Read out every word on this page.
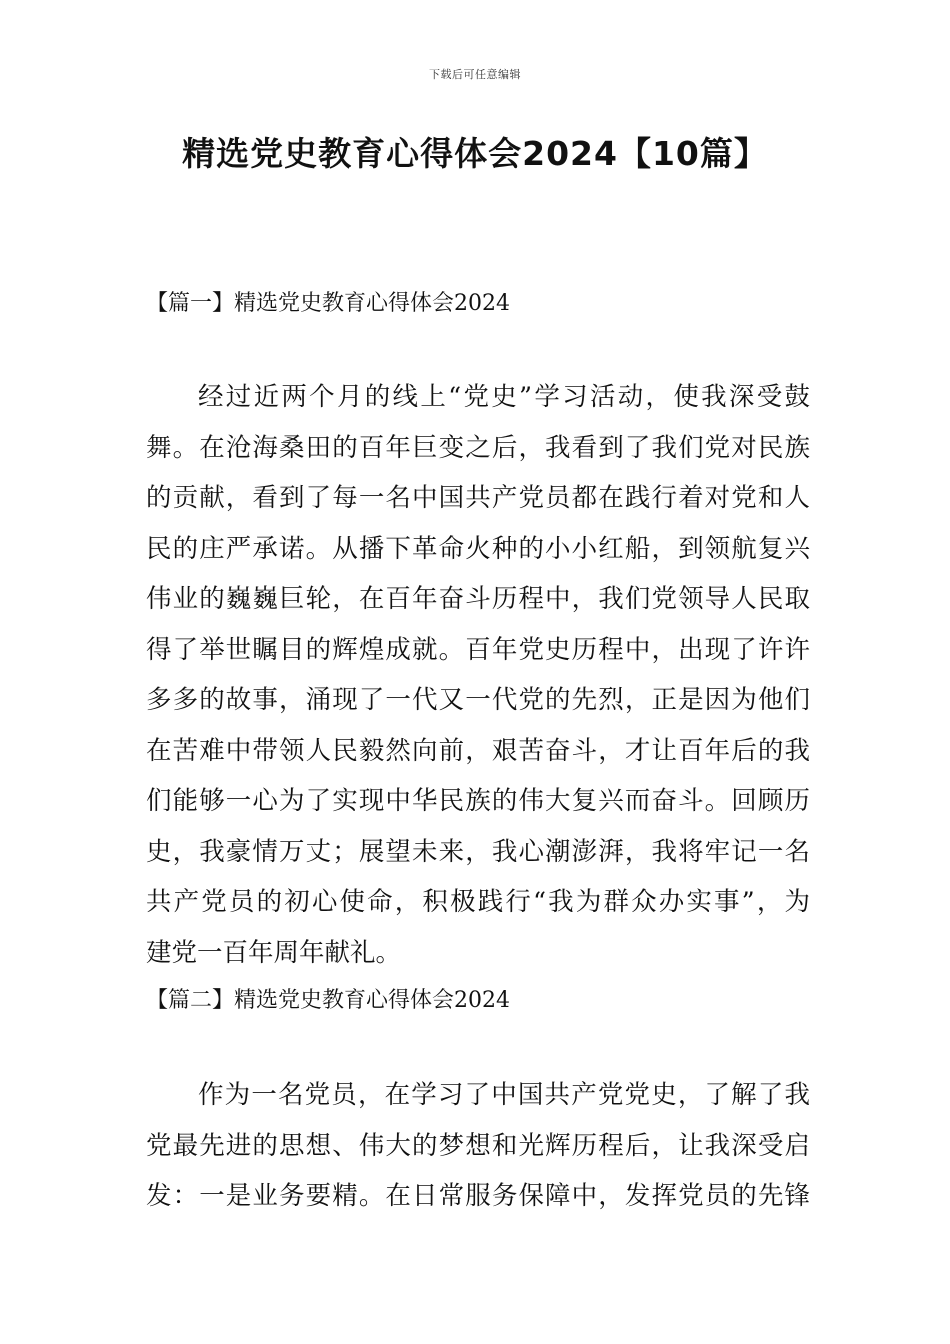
下载后可任意编辑
精选党史教育心得体会2024【10篇】
【篇一】精选党史教育心得体会2024
经过近两个月的线上“党史”学习活动，使我深受鼓
舞。在沧海桑田的百年巨变之后，我看到了我们党对民族
的贡献，看到了每一名中国共产党员都在践行着对党和人
民的庄严承诺。从播下革命火种的小小红船，到领航复兴
伟业的巍巍巨轮，在百年奋斗历程中，我们党领导人民取
得了举世瞩目的辉煌成就。百年党史历程中，出现了许许
多多的故事，涌现了一代又一代党的先烈，正是因为他们
在苦难中带领人民毅然向前，艰苦奋斗，才让百年后的我
们能够一心为了实现中华民族的伟大复兴而奋斗。回顾历
史，我豪情万丈；展望未来，我心潮澎湃，我将牢记一名
共产党员的初心使命，积极践行“我为群众办实事”，为
建党一百年周年献礼。
【篇二】精选党史教育心得体会2024
作为一名党员，在学习了中国共产党党史，了解了我
党最先进的思想、伟大的梦想和光辉历程后，让我深受启
发：一是业务要精。在日常服务保障中，发挥党员的先锋
